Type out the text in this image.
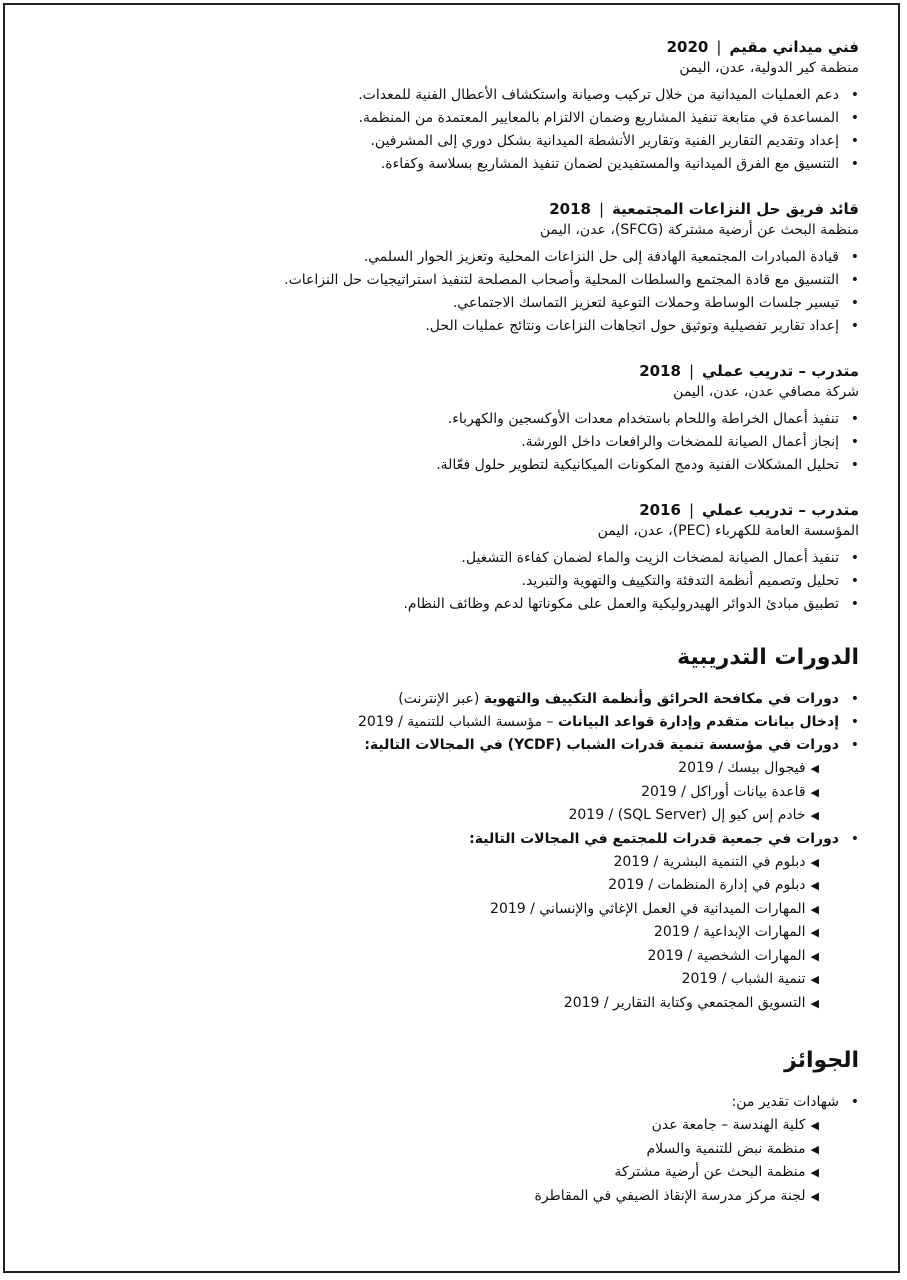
فني ميداني مقيم|2020
منظمة كير الدولية، عدن، اليمن
• دعم العمليات الميدانية من خلال تركيب وصيانة واستكشاف الأعطال الفنية للمعدات.
• المساعدة في متابعة تنفيذ المشاريع وضمان الالتزام بالمعايير المعتمدة من المنظمة.
• إعداد وتقديم التقارير الفنية وتقارير الأنشطة الميدانية بشكل دوري إلى المشرفين.
• التنسيق مع الفرق الميدانية والمستفيدين لضمان تنفيذ المشاريع بسلاسة وكفاءة.
قائد فريق حل النزاعات المجتمعية|2018
منظمة البحث عن أرضية مشتركة (SFCG)، عدن، اليمن
• قيادة المبادرات المجتمعية الهادفة إلى حل النزاعات المحلية وتعزيز الحوار السلمي.
• التنسيق مع قادة المجتمع والسلطات المحلية وأصحاب المصلحة لتنفيذ استراتيجيات حل النزاعات.
• تيسير جلسات الوساطة وحملات التوعية لتعزيز التماسك الاجتماعي.
• إعداد تقارير تفصيلية وتوثيق حول اتجاهات النزاعات ونتائج عمليات الحل.
متدرب – تدريب عملي|2018
شركة مصافي عدن، عدن، اليمن
• تنفيذ أعمال الخراطة واللحام باستخدام معدات الأوكسجين والكهرباء.
• إنجاز أعمال الصيانة للمضخات والرافعات داخل الورشة.
• تحليل المشكلات الفنية ودمج المكونات الميكانيكية لتطوير حلول فعّالة.
متدرب – تدريب عملي|2016
المؤسسة العامة للكهرباء (PEC)، عدن، اليمن
• تنفيذ أعمال الصيانة لمضخات الزيت والماء لضمان كفاءة التشغيل.
• تحليل وتصميم أنظمة التدفئة والتكييف والتهوية والتبريد.
• تطبيق مبادئ الدوائر الهيدروليكية والعمل على مكوناتها لدعم وظائف النظام.
الدورات التدريبية
• دورات في مكافحة الحرائق وأنظمة التكييف والتهوية (عبر الإنترنت)
• إدخال بيانات متقدم وإدارة قواعد البيانات – مؤسسة الشباب للتنمية / 2019
• دورات في مؤسسة تنمية قدرات الشباب (YCDF) في المجالات التالية:
◀فيجوال بيسك / 2019
◀قاعدة بيانات أوراكل / 2019
◀خادم إس كيو إل (SQL Server) / 2019
• دورات في جمعية قدرات للمجتمع في المجالات التالية:
◀دبلوم في التنمية البشرية / 2019
◀دبلوم في إدارة المنظمات / 2019
◀المهارات الميدانية في العمل الإغاثي والإنساني / 2019
◀المهارات الإبداعية / 2019
◀المهارات الشخصية / 2019
◀تنمية الشباب / 2019
◀التسويق المجتمعي وكتابة التقارير / 2019
الجوائز
• شهادات تقدير من:
◀كلية الهندسة – جامعة عدن
◀منظمة نبض للتنمية والسلام
◀منظمة البحث عن أرضية مشتركة
◀لجنة مركز مدرسة الإنقاذ الصيفي في المقاطرة
